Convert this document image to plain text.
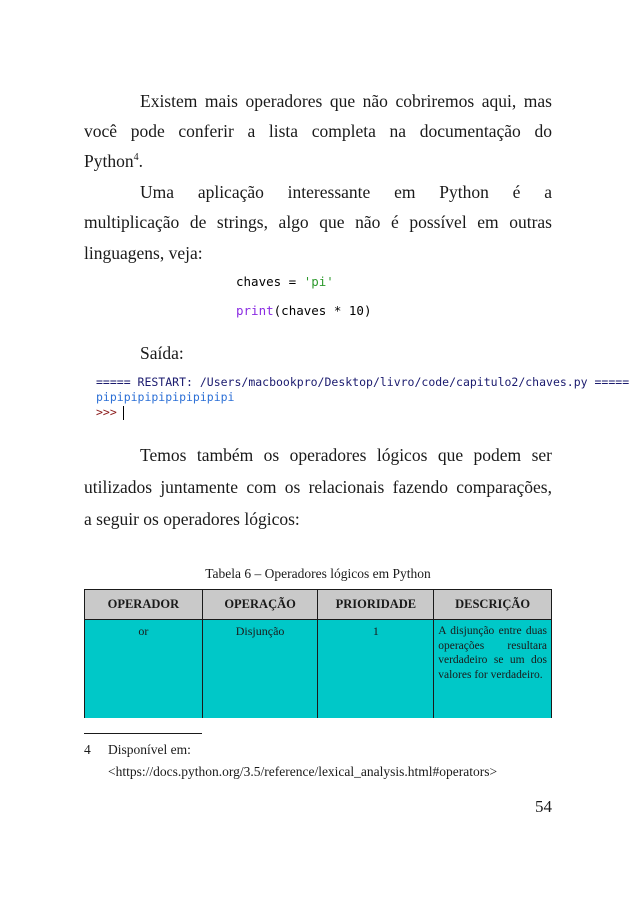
Existem mais operadores que não cobriremos aqui, mas

você pode conferir a lista completa na documentação do

Python$^4$.

Uma aplicação interessante em Python é a

multiplicação de strings, algo que não é possível em outras

linguagens, veja:

chaves = 'pi'
print(chaves * 10)

Saída:

===== RESTART: /Users/macbookpro/Desktop/livro/code/capitulo2/chaves.py =====
pipipipipipipipipipi
>>>

Temos também os operadores lógicos que podem ser

utilizados juntamente com os relacionais fazendo comparações,

a seguir os operadores lógicos:

Tabela 6 – Operadores lógicos em Python
OPERADOR	OPERAÇÃO	PRIORIDADE	DESCRIÇÃO
or	Disjunção	1	A disjunção entre duas operações resultara verdadeiro se um dos valores for verdadeiro.
4 Disponível em:
<https://docs.python.org/3.5/reference/lexical_analysis.html#operators>
54
